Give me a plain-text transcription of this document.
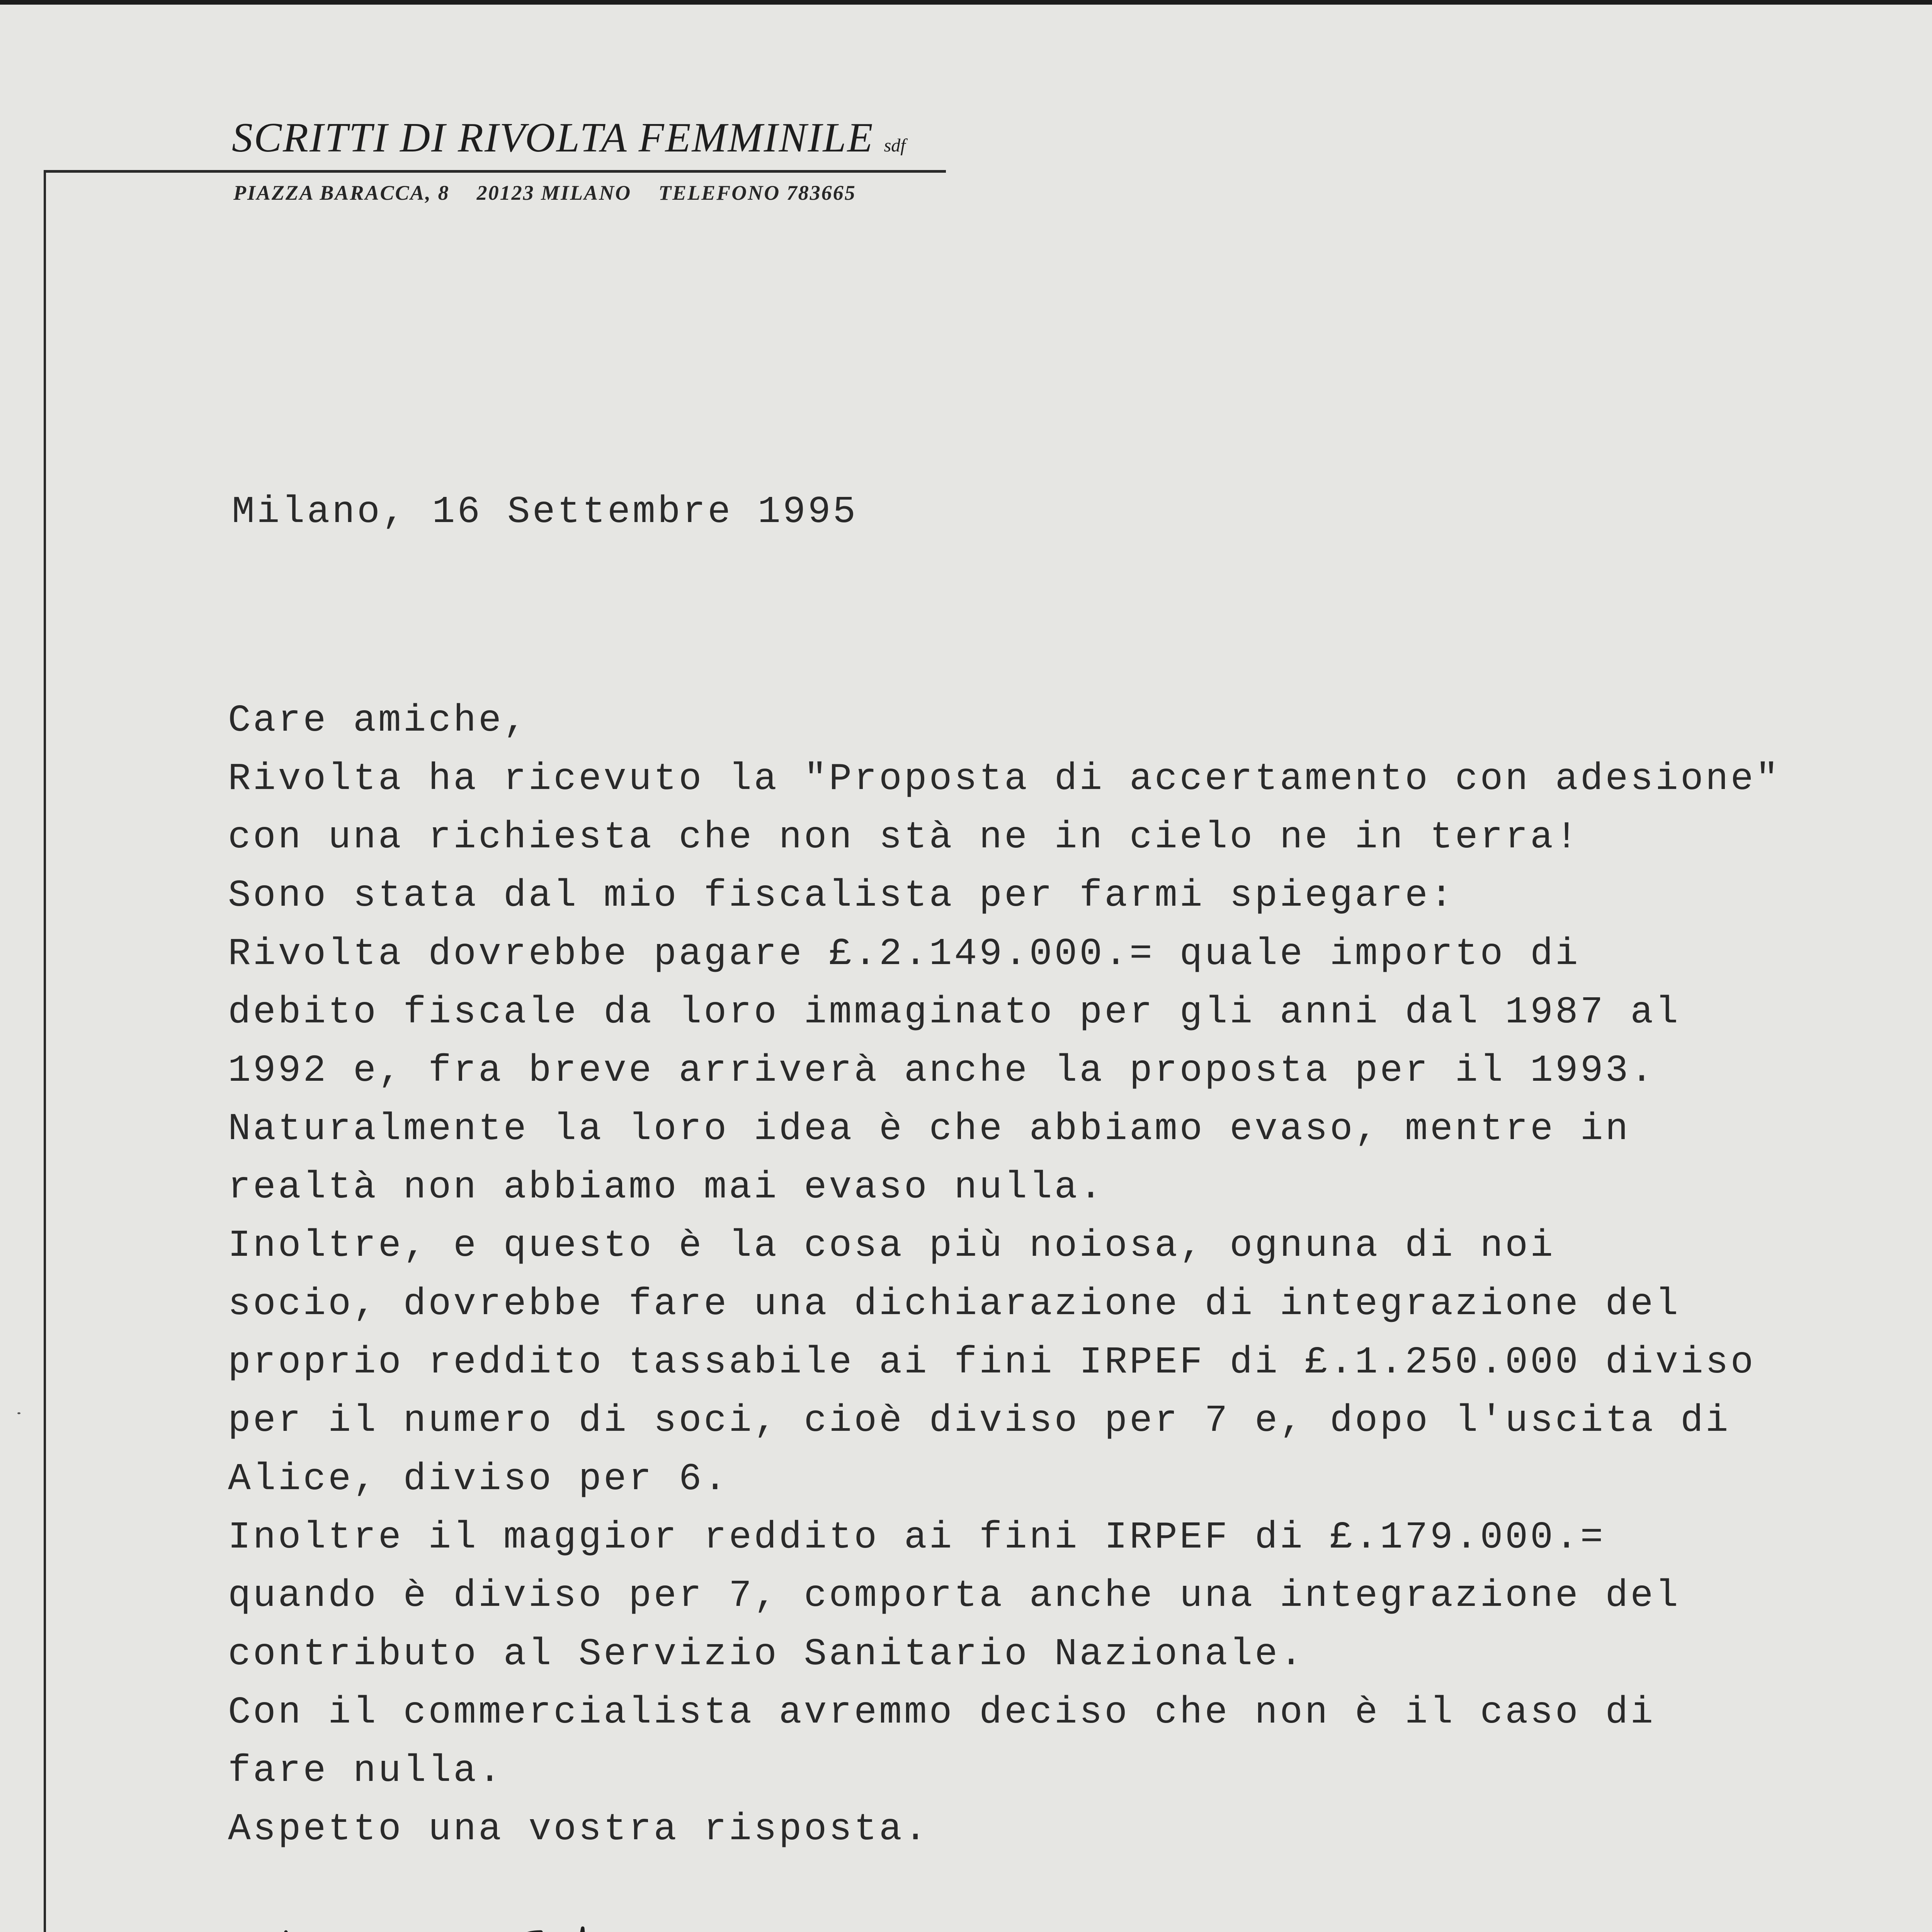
SCRITTI DI RIVOLTA FEMMINILE sdf
PIAZZA BARACCA, 8 20123 MILANO TELEFONO 783665
Milano, 16 Settembre 1995
Care amiche,
Rivolta ha ricevuto la "Proposta di accertamento con adesione"
con una richiesta che non stà ne in cielo ne in terra!
Sono stata dal mio fiscalista per farmi spiegare:
Rivolta dovrebbe pagare £.2.149.000.= quale importo di
debito fiscale da loro immaginato per gli anni dal 1987 al
1992 e, fra breve arriverà anche la proposta per il 1993.
Naturalmente la loro idea è che abbiamo evaso, mentre in
realtà non abbiamo mai evaso nulla.
Inoltre, e questo è la cosa più noiosa, ognuna di noi
socio, dovrebbe fare una dichiarazione di integrazione del
proprio reddito tassabile ai fini IRPEF di £.1.250.000 diviso
per il numero di soci, cioè diviso per 7 e, dopo l'uscita di
Alice, diviso per 6.
Inoltre il maggior reddito ai fini IRPEF di £.179.000.=
quando è diviso per 7, comporta anche una integrazione del
contributo al Servizio Sanitario Nazionale.
Con il commercialista avremmo deciso che non è il caso di
fare nulla.
Aspetto una vostra risposta.
